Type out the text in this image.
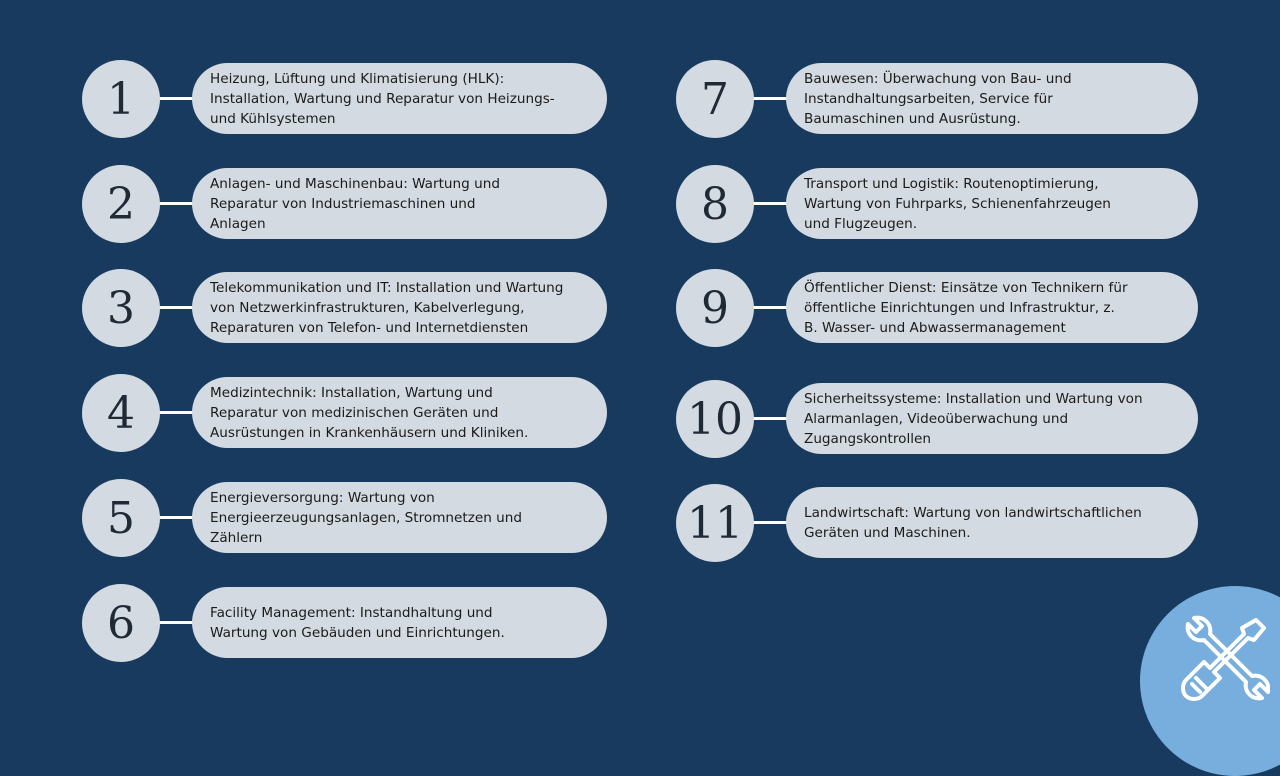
1	Heizung, Lüftung und Klimatisierung (HLK):
Installation, Wartung und Reparatur von Heizungs-
und Kühlsystemen
2	Anlagen- und Maschinenbau: Wartung und
Reparatur von Industriemaschinen und
Anlagen
3	Telekommunikation und IT: Installation und Wartung
von Netzwerkinfrastrukturen, Kabelverlegung,
Reparaturen von Telefon- und Internetdiensten
4	Medizintechnik: Installation, Wartung und
Reparatur von medizinischen Geräten und
Ausrüstungen in Krankenhäusern und Kliniken.
5	Energieversorgung: Wartung von
Energieerzeugungsanlagen, Stromnetzen und
Zählern
6	Facility Management: Instandhaltung und
Wartung von Gebäuden und Einrichtungen.
7	Bauwesen: Überwachung von Bau- und
Instandhaltungsarbeiten, Service für
Baumaschinen und Ausrüstung.
8	Transport und Logistik: Routenoptimierung,
Wartung von Fuhrparks, Schienenfahrzeugen
und Flugzeugen.
9	Öffentlicher Dienst: Einsätze von Technikern für
öffentliche Einrichtungen und Infrastruktur, z.
B. Wasser- und Abwassermanagement
10	Sicherheitssysteme: Installation und Wartung von
Alarmanlagen, Videoüberwachung und
Zugangskontrollen
11	Landwirtschaft: Wartung von landwirtschaftlichen
Geräten und Maschinen.
